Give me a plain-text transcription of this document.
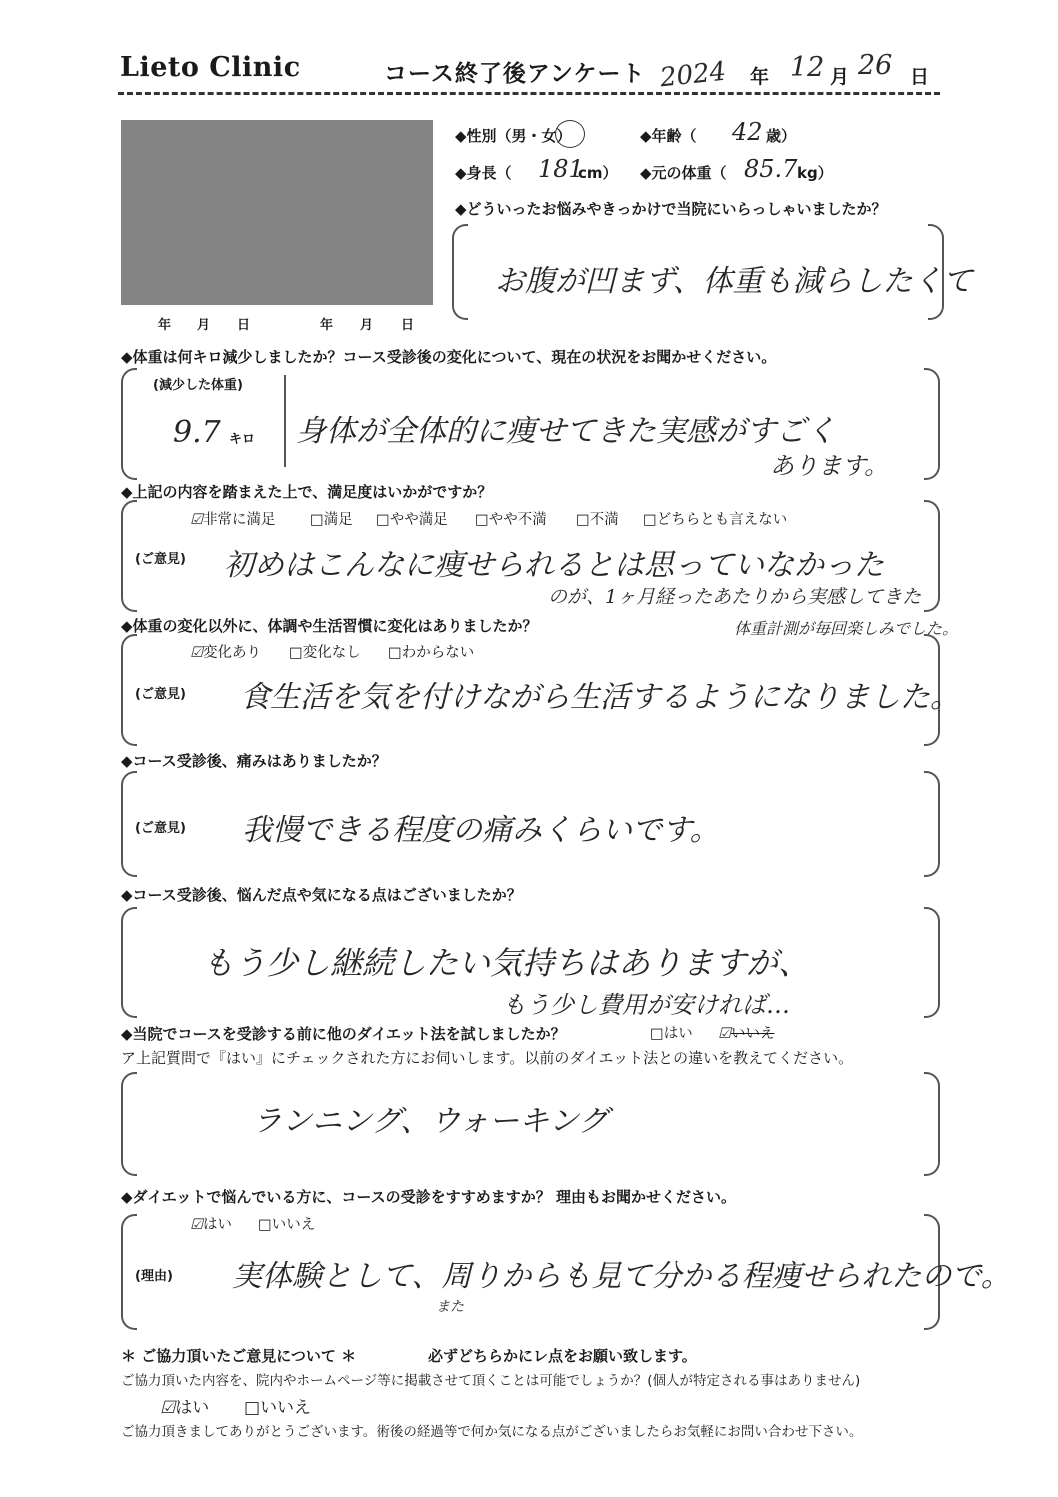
Lieto Clinic	コース終了後アンケート 2024 年 12 月 26 日
年 月 日	年 月 日
◆性別（男・女）	◆年齢（ 42 歳）
◆身長（ 181
cm） ◆元の体重（ 85.7 kg）
◆どういったお悩みやきっかけで当院にいらっしゃいましたか？
お腹が凹まず、体重も減らしたくて
◆体重は何キロ減少しましたか？コース受診後の変化について、現在の状況をお聞かせください。
(減少した体重)
9.7 キロ 身体が全体的に痩せてきた実感がすごく
あります。
◆上記の内容を踏まえた上で、満足度はいかがですか？
☑非常に満足 □満足 □やや満足 □やや不満 □不満 □どちらとも言えない
(ご意見) 初めはこんなに痩せられるとは思っていなかった
のが、1ヶ月経ったあたりから実感してきた
体重計測が毎回楽しみでした。
◆体重の変化以外に、体調や生活習慣に変化はありましたか？
☑変化あり □変化なし □わからない
(ご意見) 食生活を気を付けながら生活するようになりました。
◆コース受診後、痛みはありましたか？
(ご意見) 我慢できる程度の痛みくらいです。
◆コース受診後、悩んだ点や気になる点はございましたか？
もう少し継続したい気持ちはありますが、
もう少し費用が安ければ…
◆当院でコースを受診する前に他のダイエット法を試しましたか？	□はい ☑いいえ
ア上記質問で『はい』にチェックされた方にお伺いします。以前のダイエット法との違いを教えてください。
ランニング、ウォーキング
◆ダイエットで悩んでいる方に、コースの受診をすすめますか？ 理由もお聞かせください。
☑はい □いいえ
(理由) 実体験として、周りからも見て分かる程痩せられたので。
また
＊ ご協力頂いたご意見について ＊	必ずどちらかにレ点をお願い致します。
ご協力頂いた内容を、院内やホームページ等に掲載させて頂くことは可能でしょうか？(個人が特定される事はありません)
☑はい □いいえ
ご協力頂きましてありがとうございます。術後の経過等で何か気になる点がございましたらお気軽にお問い合わせ下さい。
